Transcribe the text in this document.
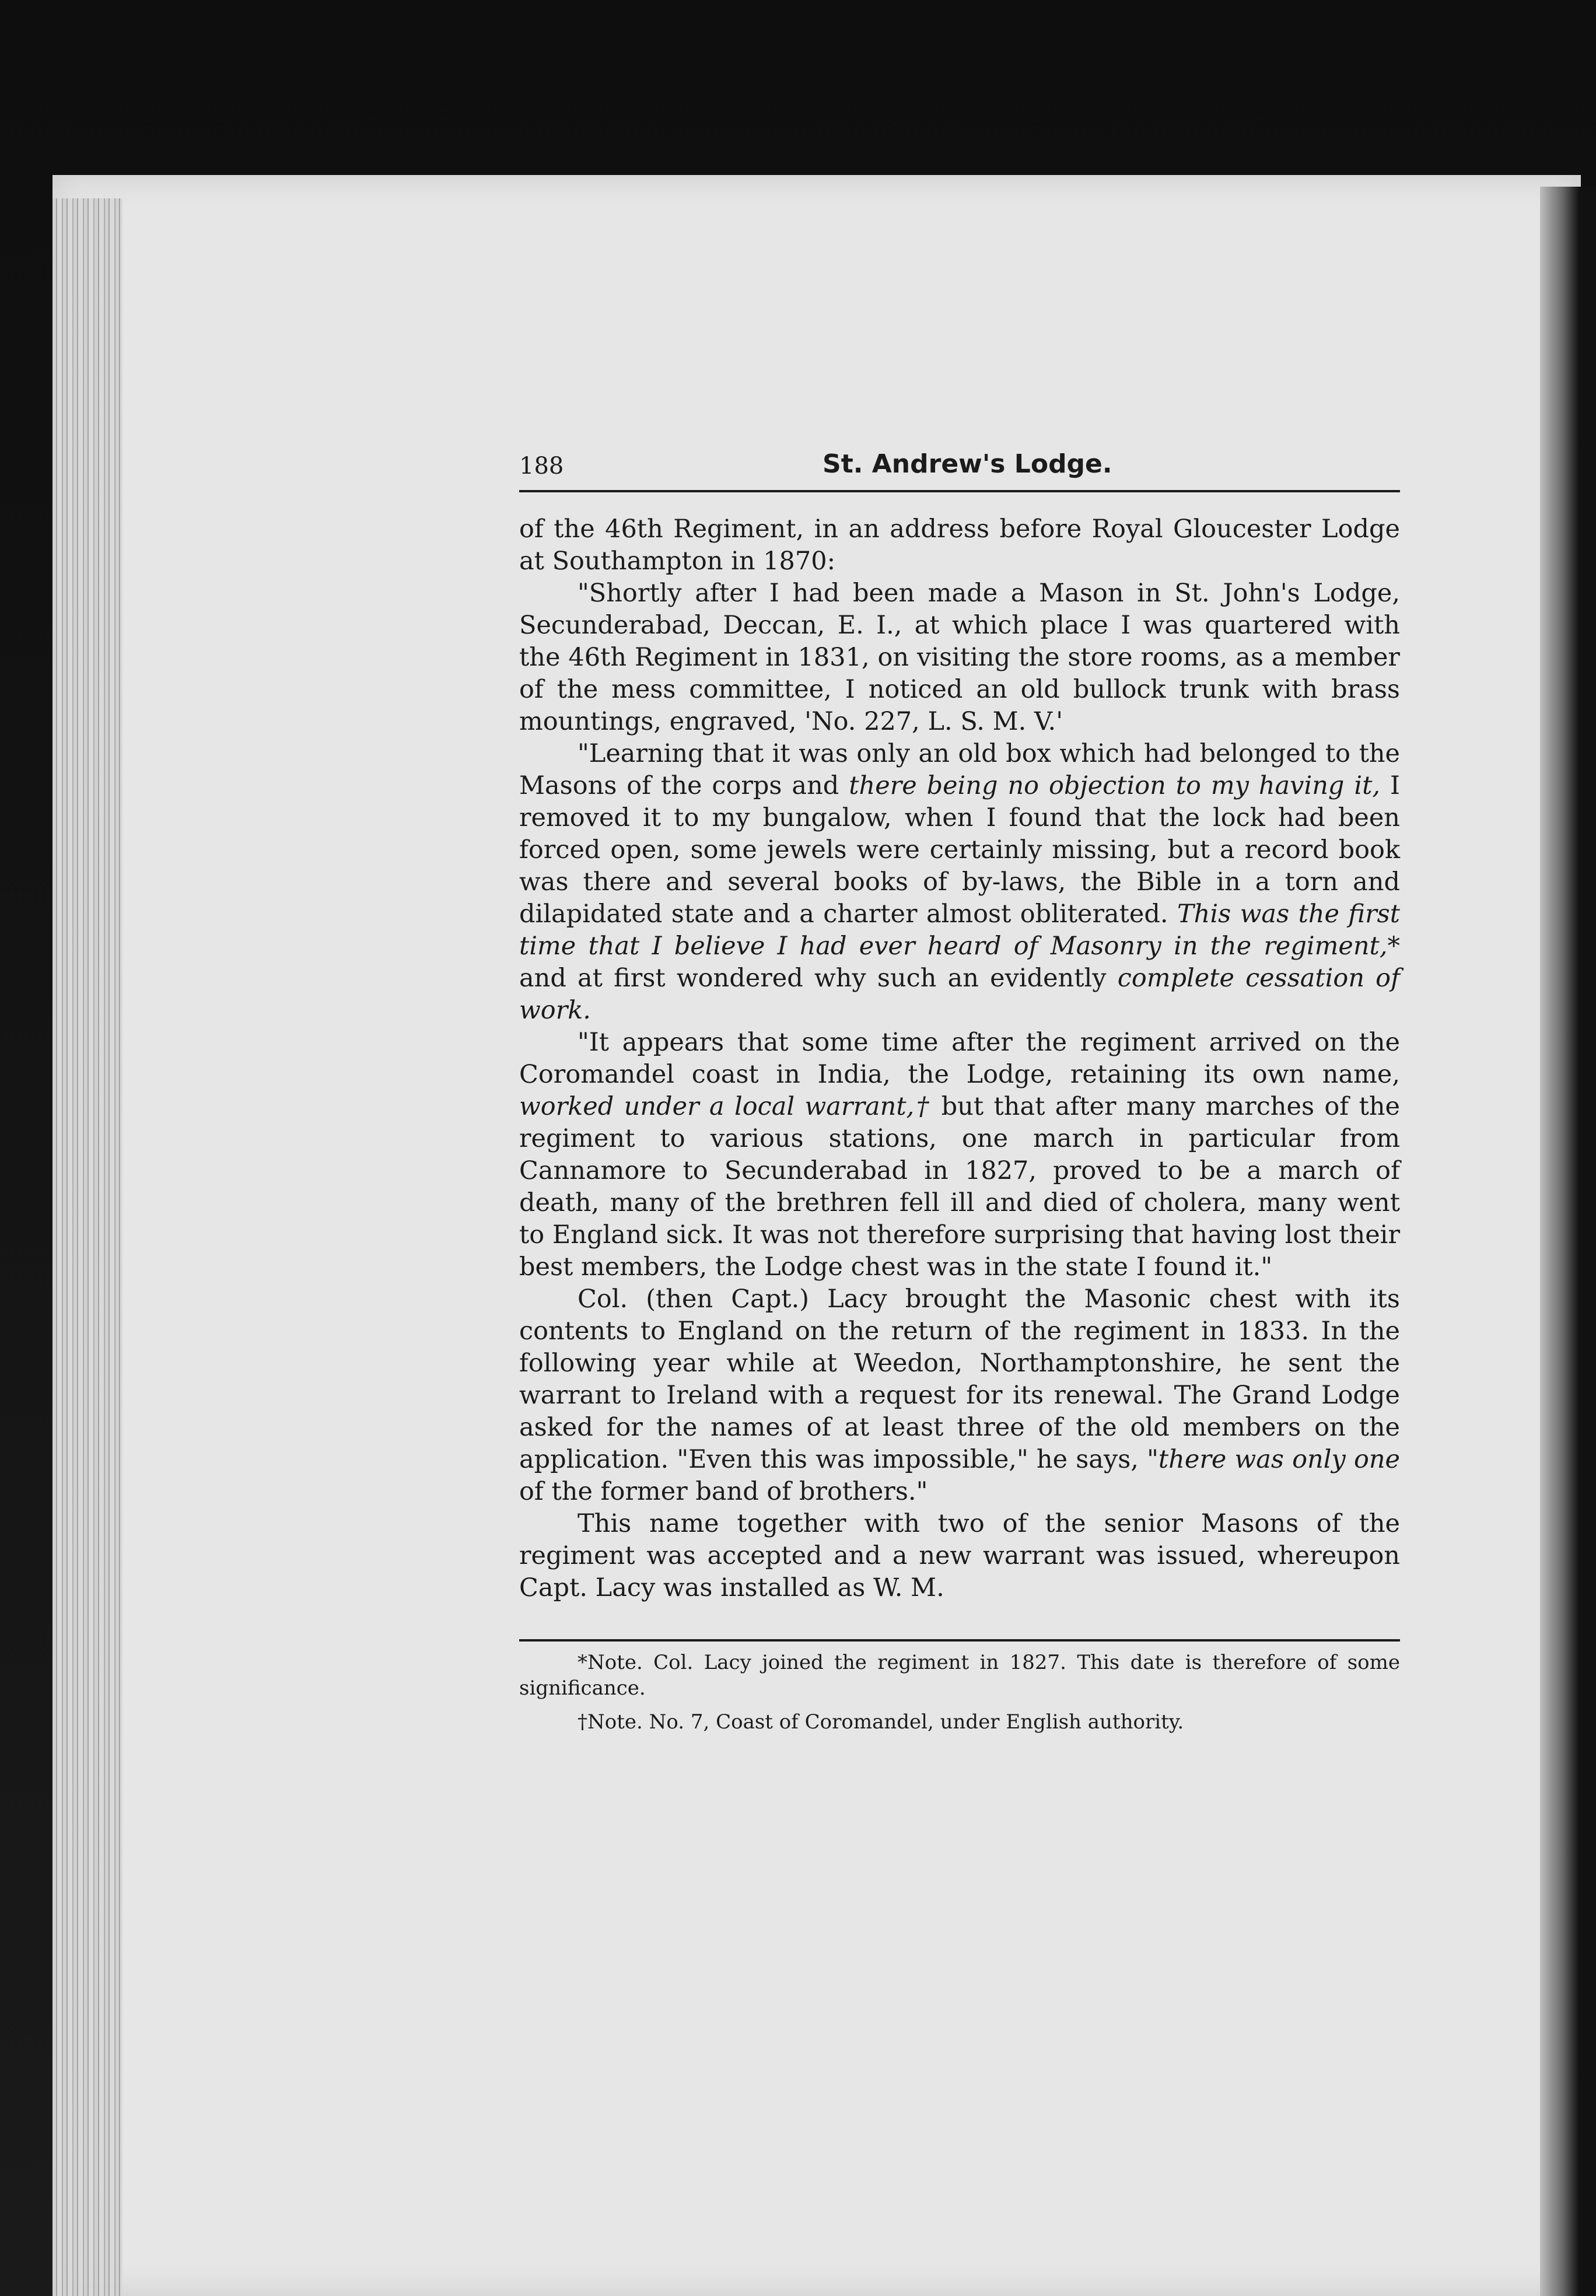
188	St. Andrew's Lodge.

of the 46th Regiment, in an address before Royal Gloucester Lodge at Southampton in 1870:

"Shortly after I had been made a Mason in St. John's Lodge, Secunderabad, Deccan, E. I., at which place I was quartered with the 46th Regiment in 1831, on visiting the store rooms, as a member of the mess committee, I noticed an old bullock trunk with brass mountings, engraved, 'No. 227, L. S. M. V.'

"Learning that it was only an old box which had belonged to the Masons of the corps and there being no objection to my having it, I removed it to my bungalow, when I found that the lock had been forced open, some jewels were certainly missing, but a record book was there and several books of by-laws, the Bible in a torn and dilapidated state and a charter almost obliterated. This was the first time that I believe I had ever heard of Masonry in the regiment,* and at first wondered why such an evidently complete cessation of work.

"It appears that some time after the regiment arrived on the Coromandel coast in India, the Lodge, retaining its own name, worked under a local warrant,† but that after many marches of the regiment to various stations, one march in particular from Cannamore to Secunderabad in 1827, proved to be a march of death, many of the brethren fell ill and died of cholera, many went to England sick. It was not therefore surprising that having lost their best members, the Lodge chest was in the state I found it."

Col. (then Capt.) Lacy brought the Masonic chest with its contents to England on the return of the regiment in 1833. In the following year while at Weedon, Northamptonshire, he sent the warrant to Ireland with a request for its renewal. The Grand Lodge asked for the names of at least three of the old members on the application. "Even this was impossible," he says, "there was only one of the former band of brothers."

This name together with two of the senior Masons of the regiment was accepted and a new warrant was issued, whereupon Capt. Lacy was installed as W. M.

*Note. Col. Lacy joined the regiment in 1827. This date is therefore of some significance.

†Note. No. 7, Coast of Coromandel, under English authority.
